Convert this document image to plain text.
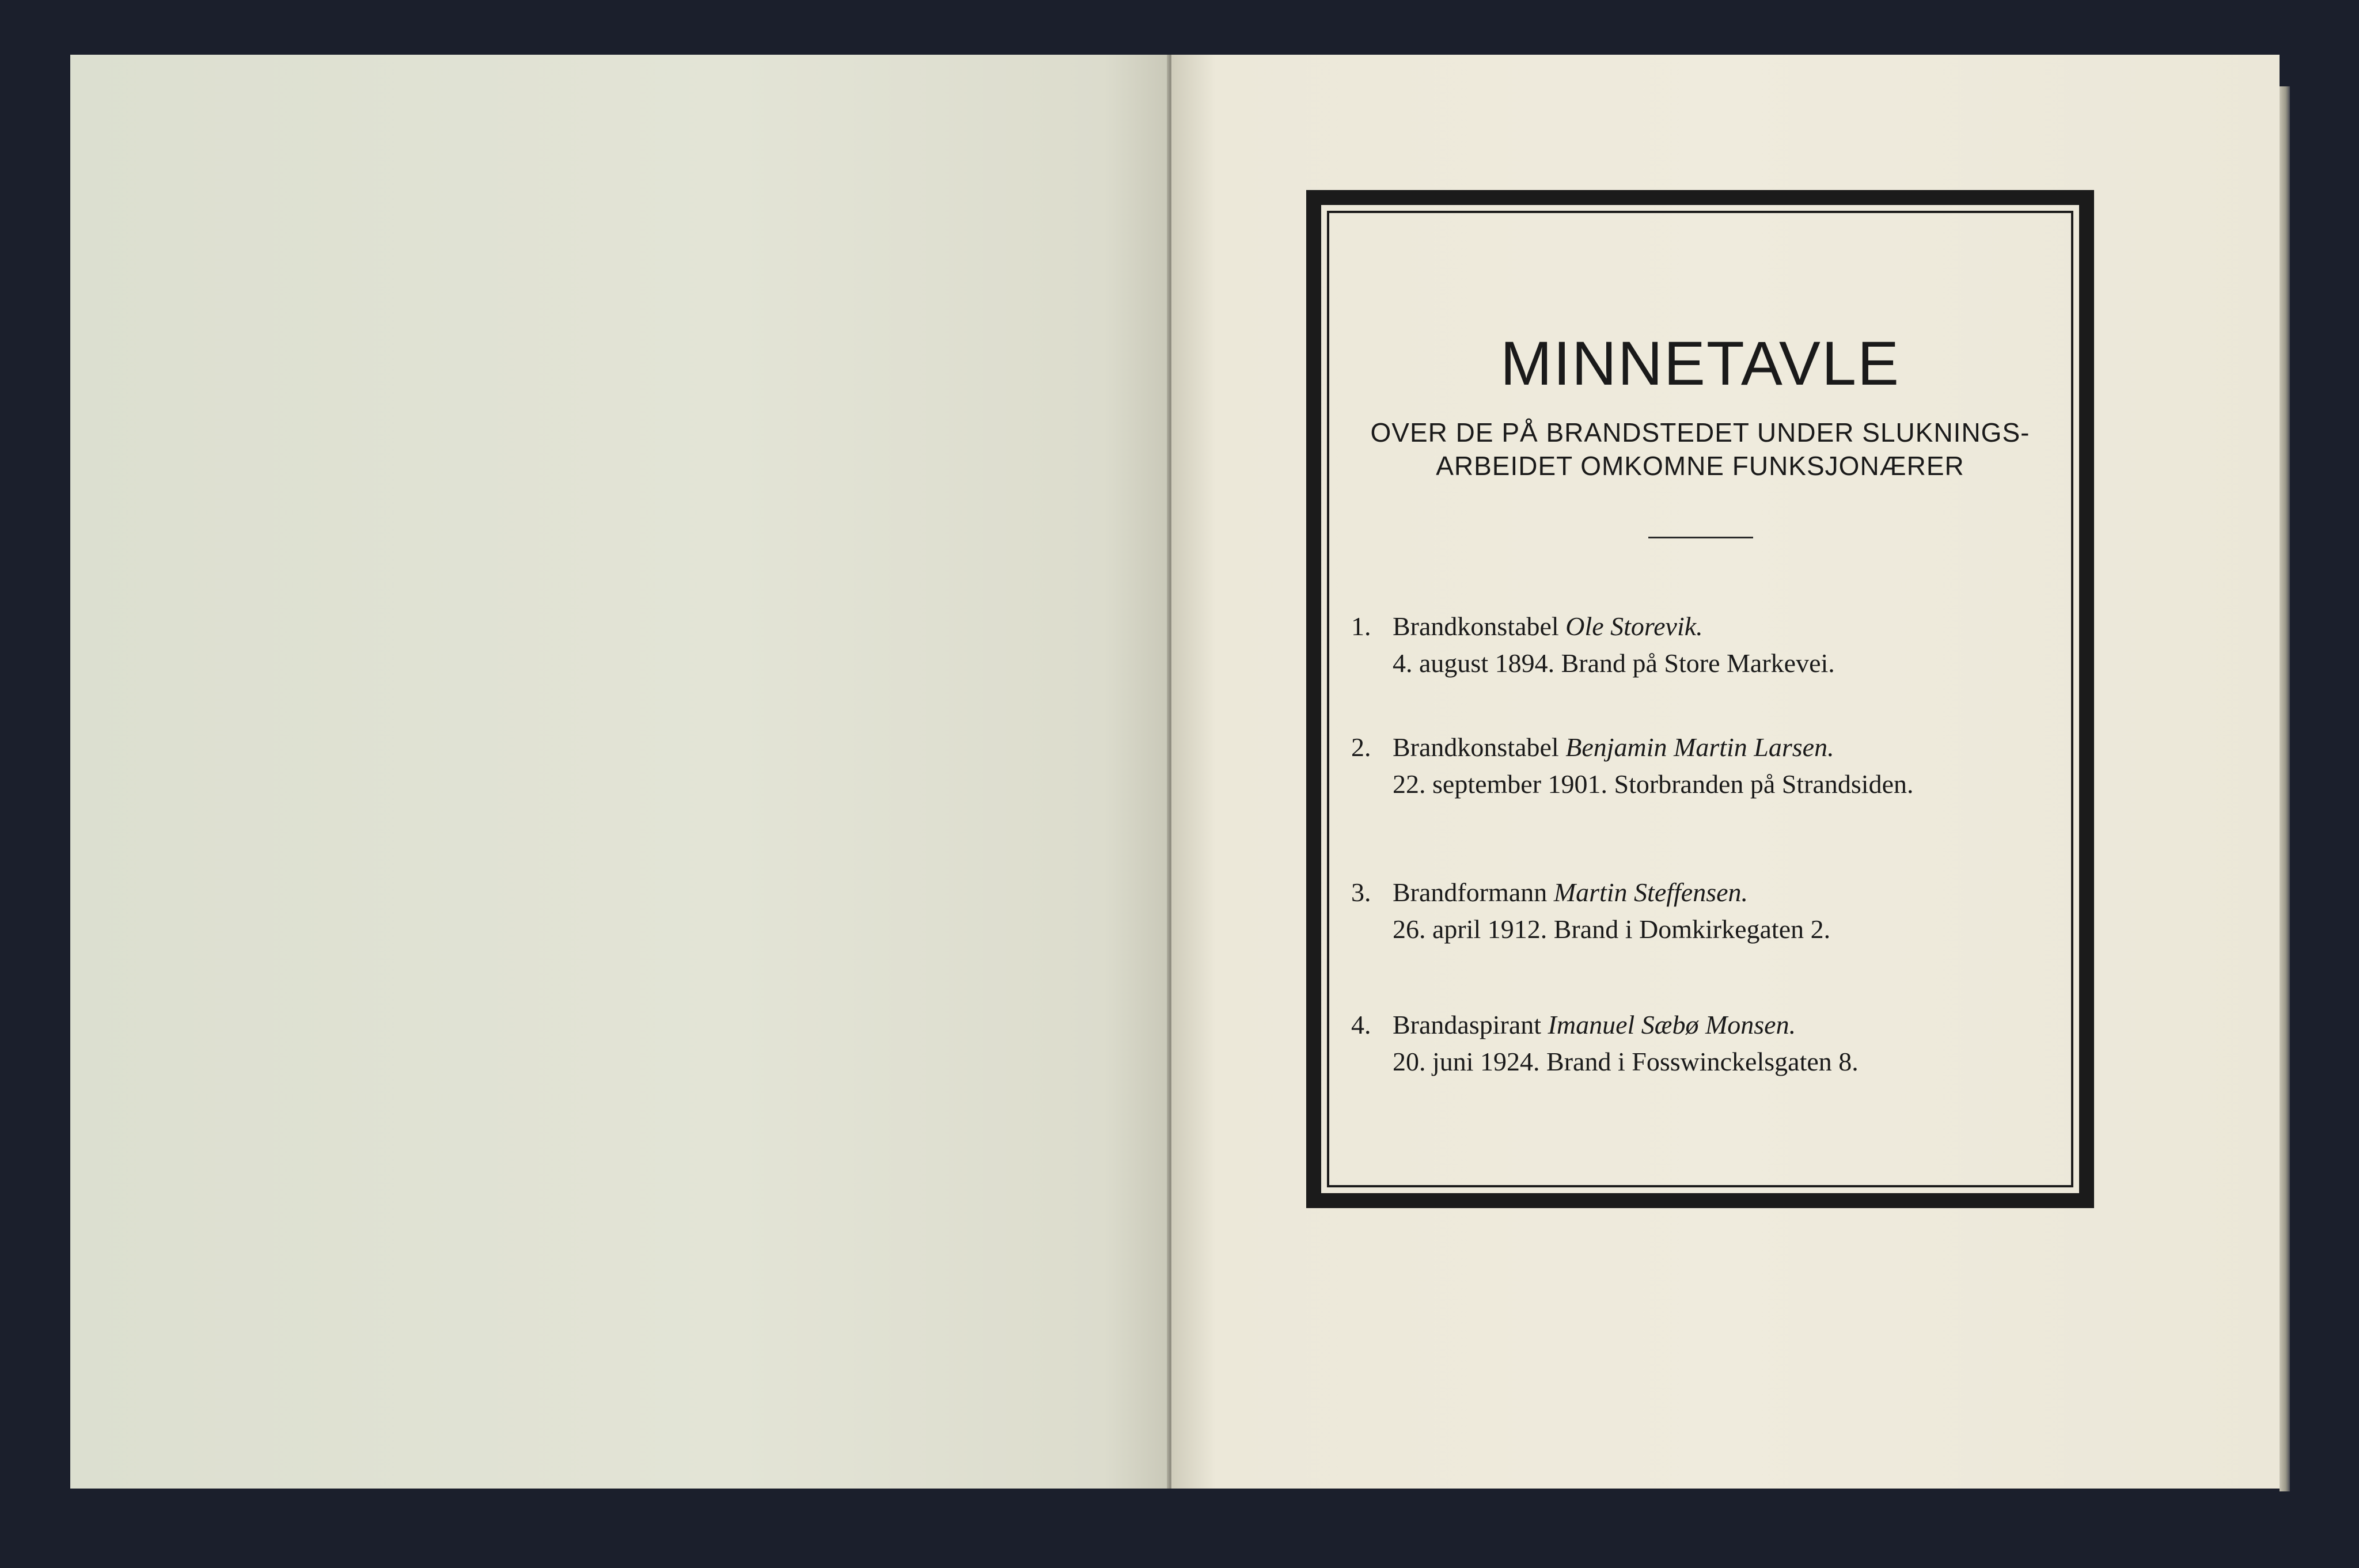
MINNETAVLE
OVER DE PÅ BRANDSTEDET UNDER SLUKNINGS-
ARBEIDET OMKOMNE FUNKSJONÆRER
1. Brandkonstabel Ole Storevik.
4. august 1894. Brand på Store Markevei.
2. Brandkonstabel Benjamin Martin Larsen.
22. september 1901. Storbranden på Strandsiden.
3. Brandformann Martin Steffensen.
26. april 1912. Brand i Domkirkegaten 2.
4. Brandaspirant Imanuel Sæbø Monsen.
20. juni 1924. Brand i Fosswinckelsgaten 8.
